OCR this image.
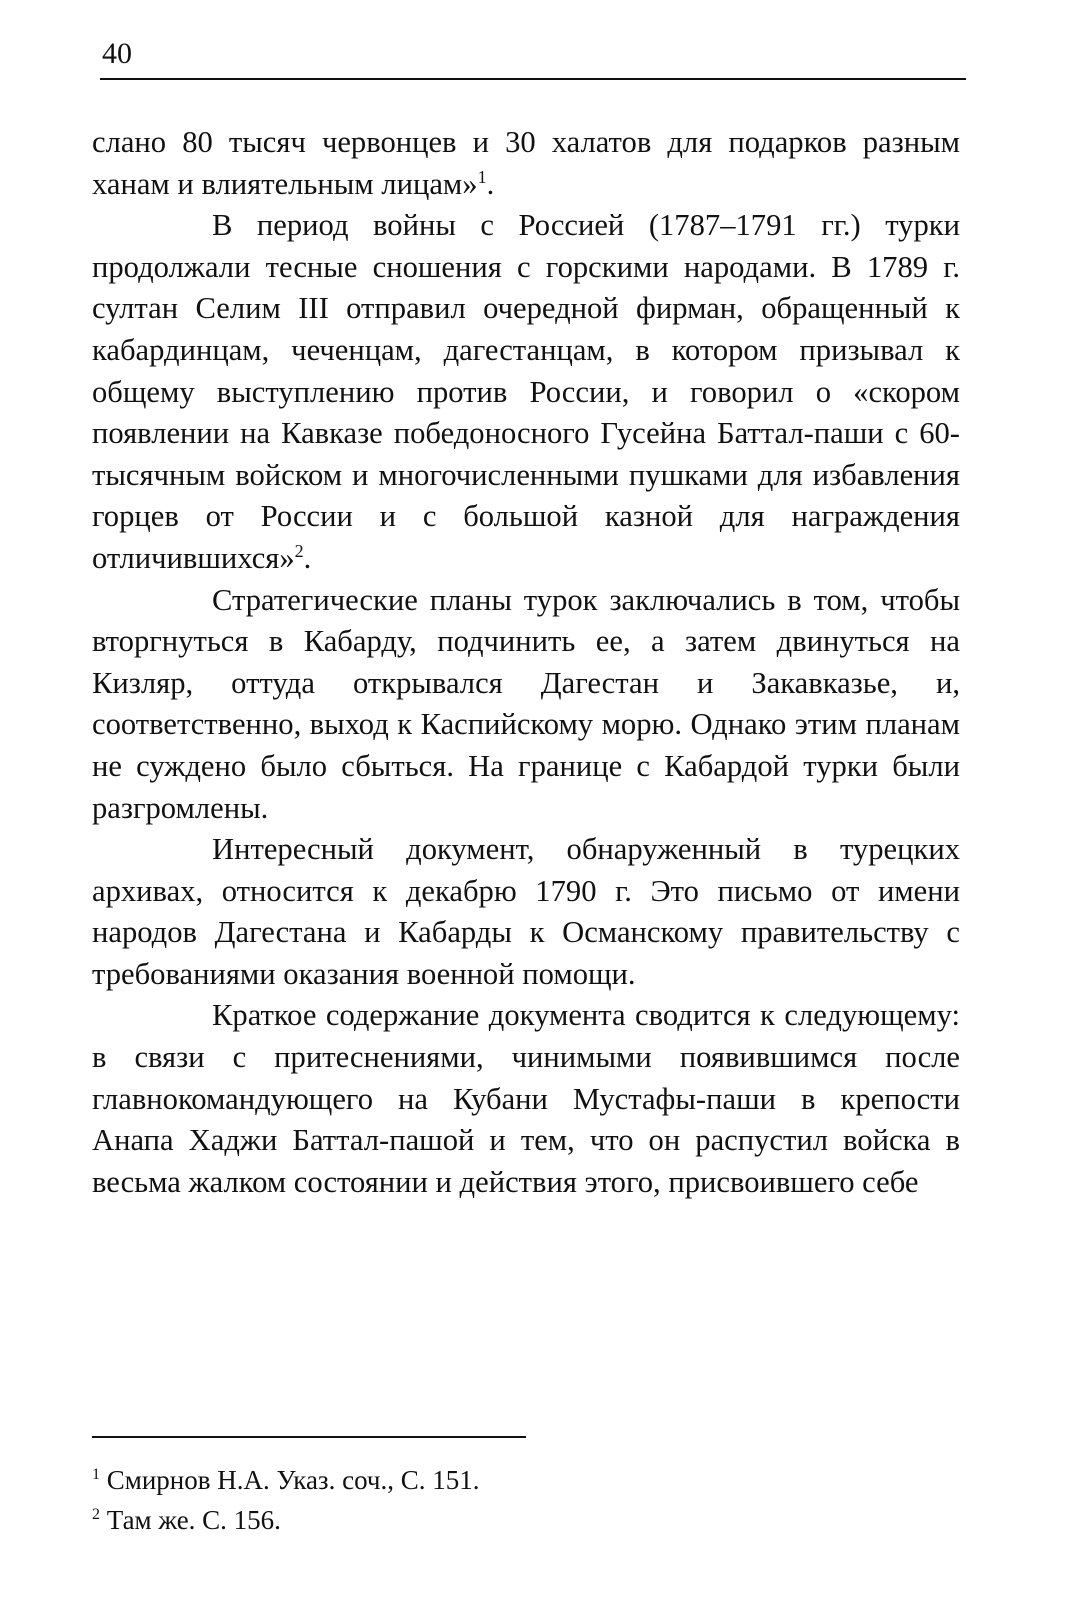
40

слано 80 тысяч червонцев и 30 халатов для подарков разным ханам и влиятельным лицам»$^1$.

В период войны с Россией (1787–1791 гг.) турки продолжали тесные сношения с горскими народами. В 1789 г. султан Селим III отправил очередной фирман, обращенный к кабардинцам, чеченцам, дагестанцам, в котором призывал к общему выступлению против России, и говорил о «скором появлении на Кавказе победоносного Гусейна Баттал-паши с 60-тысячным войском и многочисленными пушками для избавления горцев от России и с большой казной для награждения отличившихся»$^2$.

Стратегические планы турок заключались в том, чтобы вторгнуться в Кабарду, подчинить ее, а затем двинуться на Кизляр, оттуда открывался Дагестан и Закавказье, и, соответственно, выход к Каспийскому морю. Однако этим планам не суждено было сбыться. На границе с Кабардой турки были разгромлены.

Интересный документ, обнаруженный в турецких архивах, относится к декабрю 1790 г. Это письмо от имени народов Дагестана и Кабарды к Османскому правительству с требованиями оказания военной помощи.

Краткое содержание документа сводится к следующему: в связи с притеснениями, чинимыми появившимся после главнокомандующего на Кубани Мустафы-паши в крепости Анапа Хаджи Баттал-пашой и тем, что он распустил войска в весьма жалком состоянии и действия этого, присвоившего себе

$^1$ Смирнов Н.А. Указ. соч., С. 151.

$^2$ Там же. С. 156.
